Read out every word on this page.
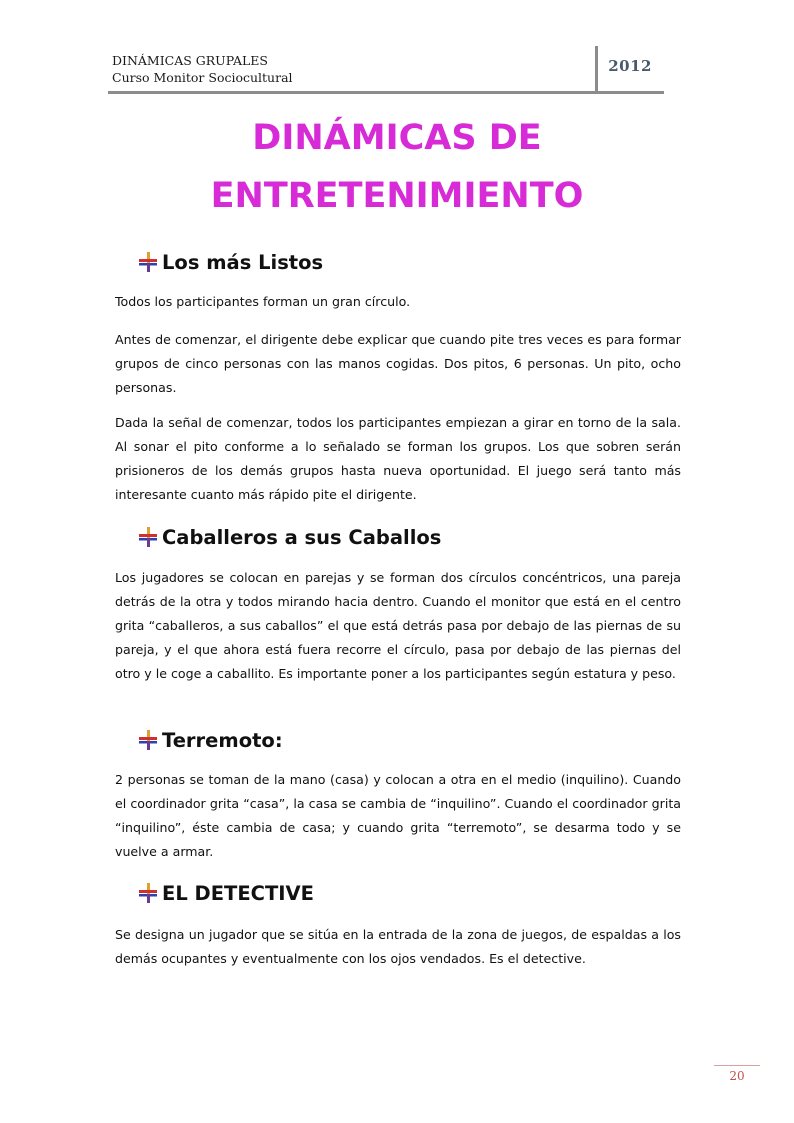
DINÁMICAS GRUPALES
Curso Monitor Sociocultural
2012
DINÁMICAS DE
ENTRETENIMIENTO
Los más Listos

Todos los participantes forman un gran círculo.

Antes de comenzar, el dirigente debe explicar que cuando pite tres veces es para formar grupos de cinco personas con las manos cogidas. Dos pitos, 6 personas. Un pito, ocho personas.

Dada la señal de comenzar, todos los participantes empiezan a girar en torno de la sala. Al sonar el pito conforme a lo señalado se forman los grupos. Los que sobren serán prisioneros de los demás grupos hasta nueva oportunidad. El juego será tanto más interesante cuanto más rápido pite el dirigente.

Caballeros a sus Caballos

Los jugadores se colocan en parejas y se forman dos círculos concéntricos, una pareja detrás de la otra y todos mirando hacia dentro. Cuando el monitor que está en el centro grita “caballeros, a sus caballos” el que está detrás pasa por debajo de las piernas de su pareja, y el que ahora está fuera recorre el círculo, pasa por debajo de las piernas del otro y le coge a caballito. Es importante poner a los participantes según estatura y peso.

Terremoto:

2 personas se toman de la mano (casa) y colocan a otra en el medio (inquilino). Cuando el coordinador grita “casa”, la casa se cambia de “inquilino”. Cuando el coordinador grita “inquilino”, éste cambia de casa; y cuando grita “terremoto”, se desarma todo y se vuelve a armar.

EL DETECTIVE

Se designa un jugador que se sitúa en la entrada de la zona de juegos, de espaldas a los demás ocupantes y eventualmente con los ojos vendados. Es el detective.

20
